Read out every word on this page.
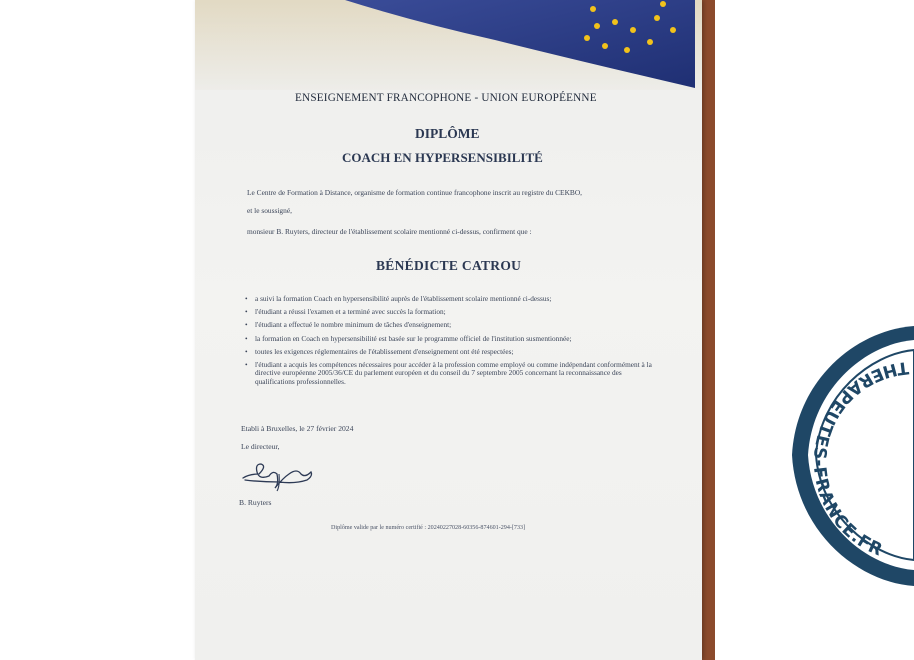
ENSEIGNEMENT FRANCOPHONE - UNION EUROPÉENNE
DIPLÔME
COACH EN HYPERSENSIBILITÉ
Le Centre de Formation à Distance, organisme de formation continue francophone inscrit au registre du CEKBO,
et le soussigné,
monsieur B. Ruyters, directeur de l'établissement scolaire mentionné ci-dessus, confirment que :
BÉNÉDICTE CATROU
• a suivi la formation Coach en hypersensibilité auprès de l'établissement scolaire mentionné ci-dessus;
• l'étudiant a réussi l'examen et a terminé avec succès la formation;
• l'étudiant a effectué le nombre minimum de tâches d'enseignement;
• la formation en Coach en hypersensibilité est basée sur le programme officiel de l'institution susmentionnée;
• toutes les exigences réglementaires de l'établissement d'enseignement ont été respectées;
• l'étudiant a acquis les compétences nécessaires pour accéder à la profession comme employé ou comme indépendant conformément à la directive européenne 2005/36/CE du parlement européen et du conseil du 7 septembre 2005 concernant la reconnaissance des qualifications professionnelles.
Etabli à Bruxelles, le 27 février 2024
Le directeur,
B. Ruyters
Diplôme valide par le numéro certifié : 20240227028-60356-874601-294-[733]
THERAPEUTES-FRANCE.FR
